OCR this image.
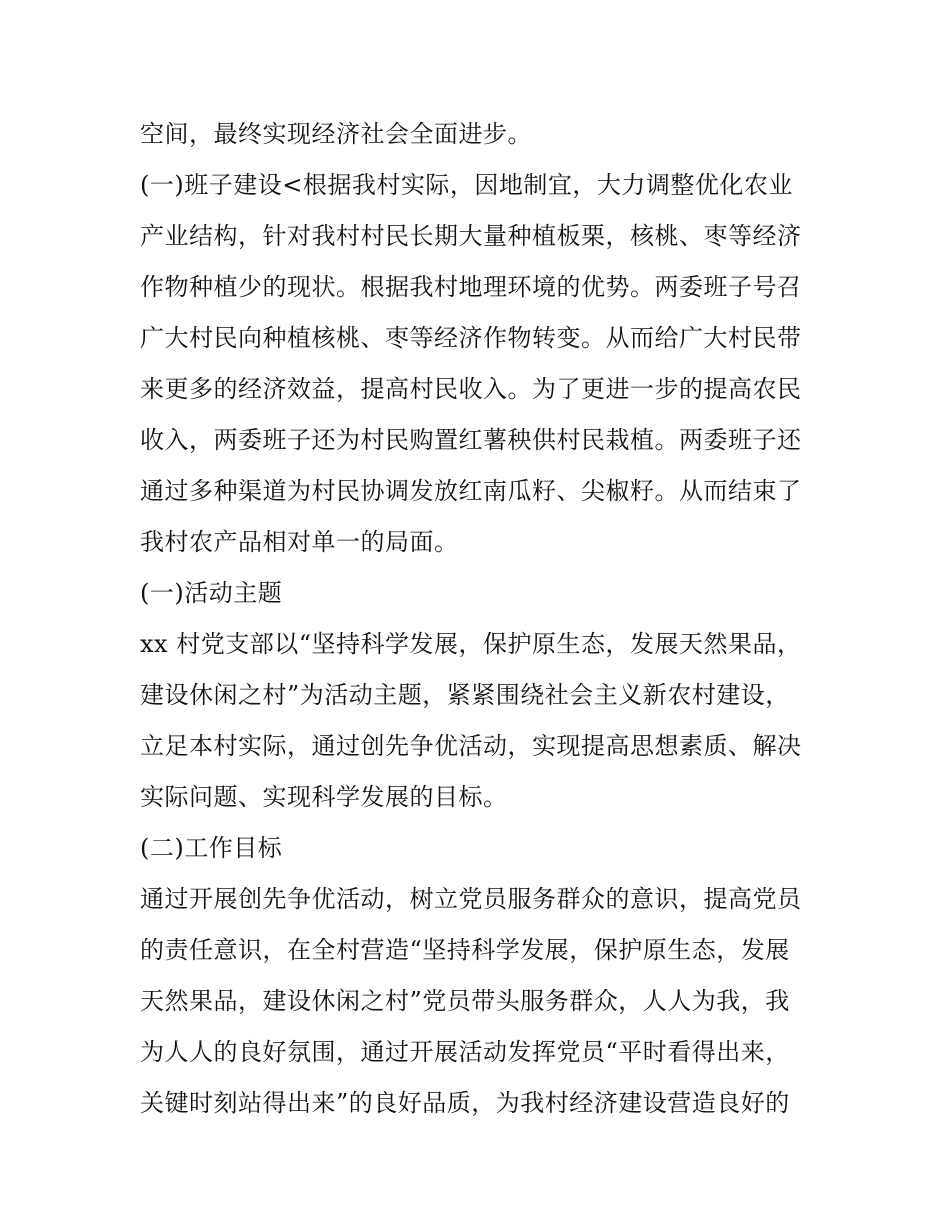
空间，最终实现经济社会全面进步。
(一)班子建设<根据我村实际，因地制宜，大力调整优化农业
产业结构，针对我村村民长期大量种植板栗，核桃、枣等经济
作物种植少的现状。根据我村地理环境的优势。两委班子号召
广大村民向种植核桃、枣等经济作物转变。从而给广大村民带
来更多的经济效益，提高村民收入。为了更进一步的提高农民
收入，两委班子还为村民购置红薯秧供村民栽植。两委班子还
通过多种渠道为村民协调发放红南瓜籽、尖椒籽。从而结束了
我村农产品相对单一的局面。
(一)活动主题
xx 村党支部以“坚持科学发展，保护原生态，发展天然果品，
建设休闲之村”为活动主题，紧紧围绕社会主义新农村建设，
立足本村实际，通过创先争优活动，实现提高思想素质、解决
实际问题、实现科学发展的目标。
(二)工作目标
通过开展创先争优活动，树立党员服务群众的意识，提高党员
的责任意识，在全村营造“坚持科学发展，保护原生态，发展
天然果品，建设休闲之村”党员带头服务群众，人人为我，我
为人人的良好氛围，通过开展活动发挥党员“平时看得出来，
关键时刻站得出来”的良好品质，为我村经济建设营造良好的
